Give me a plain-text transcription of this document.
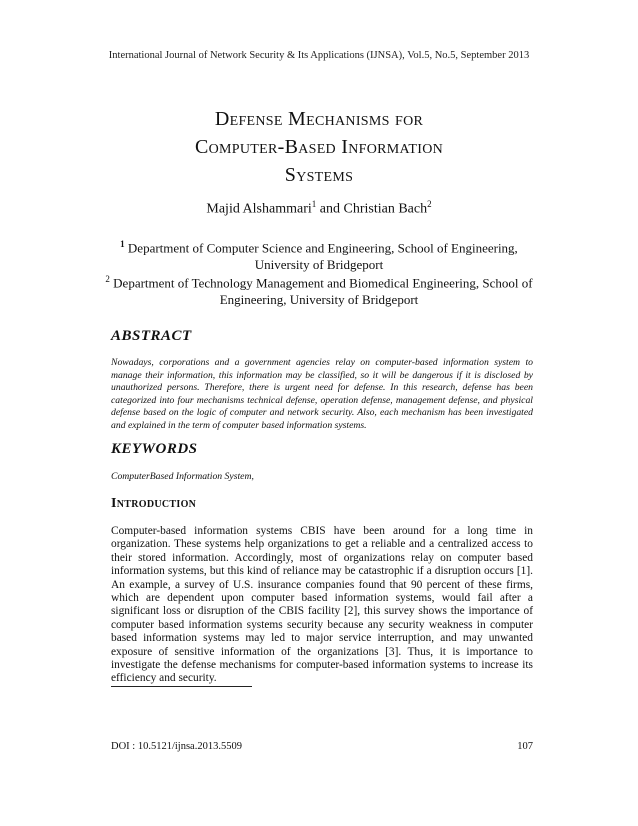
International Journal of Network Security & Its Applications (IJNSA), Vol.5, No.5, September 2013
Defense Mechanisms for
Computer-Based Information
Systems
Majid Alshammari$^1$ and Christian Bach$^2$
$^1$ Department of Computer Science and Engineering, School of Engineering, University of Bridgeport
$^2$ Department of Technology Management and Biomedical Engineering, School of Engineering, University of Bridgeport
ABSTRACT
Nowadays, corporations and a government agencies relay on computer-based information system to manage their information, this information may be classified, so it will be dangerous if it is disclosed by unauthorized persons. Therefore, there is urgent need for defense. In this research, defense has been categorized into four mechanisms technical defense, operation defense, management defense, and physical defense based on the logic of computer and network security. Also, each mechanism has been investigated and explained in the term of computer based information systems.
KEYWORDS
ComputerBased Information System,
Introduction
Computer-based information systems CBIS have been around for a long time in organization. These systems help organizations to get a reliable and a centralized access to their stored information. Accordingly, most of organizations relay on computer based information systems, but this kind of reliance may be catastrophic if a disruption occurs [1]. An example, a survey of U.S. insurance companies found that 90 percent of these firms, which are dependent upon computer based information systems, would fail after a significant loss or disruption of the CBIS facility [2], this survey shows the importance of computer based information systems security because any security weakness in computer based information systems may led to major service interruption, and may unwanted exposure of sensitive information of the organizations [3]. Thus, it is importance to investigate the defense mechanisms for computer-based information systems to increase its efficiency and security.
DOI : 10.5121/ijnsa.2013.5509	107
